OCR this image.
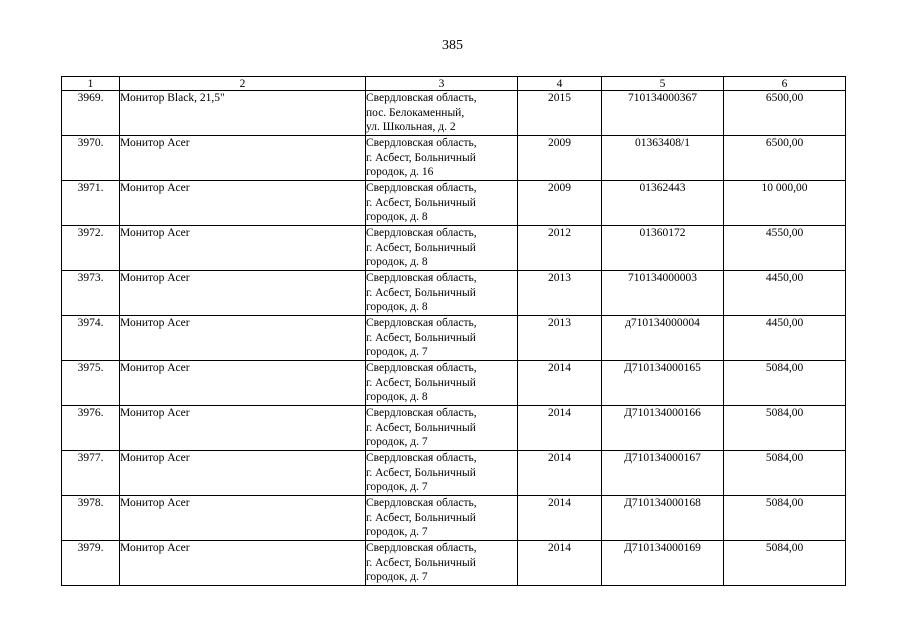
385
1	2	3	4	5	6
3969.	Монитор Black, 21,5"	Свердловская область,
пос. Белокаменный,
ул. Школьная, д. 2	2015	710134000367	6500,00
3970.	Монитор Acer	Свердловская область,
г. Асбест, Больничный
городок, д. 16	2009	01363408/1	6500,00
3971.	Монитор Acer	Свердловская область,
г. Асбест, Больничный
городок, д. 8	2009	01362443	10 000,00
3972.	Монитор Acer	Свердловская область,
г. Асбест, Больничный
городок, д. 8	2012	01360172	4550,00
3973.	Монитор Acer	Свердловская область,
г. Асбест, Больничный
городок, д. 8	2013	710134000003	4450,00
3974.	Монитор Acer	Свердловская область,
г. Асбест, Больничный
городок, д. 7	2013	д710134000004	4450,00
3975.	Монитор Acer	Свердловская область,
г. Асбест, Больничный
городок, д. 8	2014	Д710134000165	5084,00
3976.	Монитор Acer	Свердловская область,
г. Асбест, Больничный
городок, д. 7	2014	Д710134000166	5084,00
3977.	Монитор Acer	Свердловская область,
г. Асбест, Больничный
городок, д. 7	2014	Д710134000167	5084,00
3978.	Монитор Acer	Свердловская область,
г. Асбест, Больничный
городок, д. 7	2014	Д710134000168	5084,00
3979.	Монитор Acer	Свердловская область,
г. Асбест, Больничный
городок, д. 7	2014	Д710134000169	5084,00
